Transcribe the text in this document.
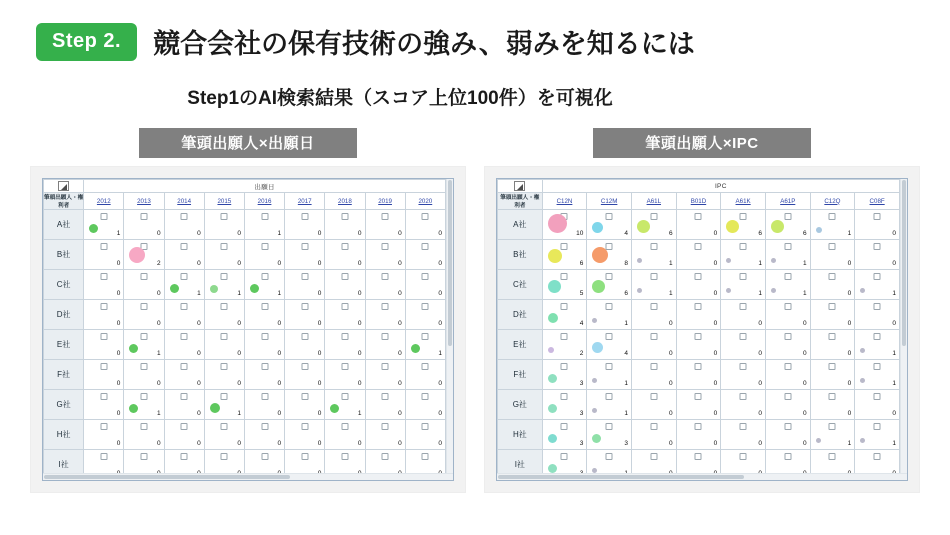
Step 2.	競合会社の保有技術の強み、弱みを知るには
Step1のAI検索結果（スコア上位100件）を可視化
筆頭出願人×出願日
	出願日								
筆頭出願人・権利者	2012	2013	2014	2015	2016	2017	2018	2019	2020
A社	1	0	0	0	1	0	0	0	0

B社	0	2	0	0	0	0	0	0	0

C社	0	0	1	1	1	0	0	0	0

D社	0	0	0	0	0	0	0	0	0

E社	0	1	0	0	0	0	0	0	1

F社	0	0	0	0	0	0	0	0	0

G社	0	1	0	1	0	0	1	0	0

H社	0	0	0	0	0	0	0	0	0

I社	

筆頭出願人×IPC
	IPC							
筆頭出願人・権利者	C12N	C12M	A61L	B01D	A61K	A61P	C12Q	C08F
A社	10	4	6	0	6	6	1	0

B社	6	8	1	0	1	1	0	0

C社	5	6	1	0	1	1	0	1

D社	4	1	0	0	0	0	0	0

E社	2	4	0	0	0	0	0	1

F社	3	1	0	0	0	0	0	1

G社	3	1	0	0	0	0	0	0

H社	3	3	0	0	0	0	1	1

I社	
